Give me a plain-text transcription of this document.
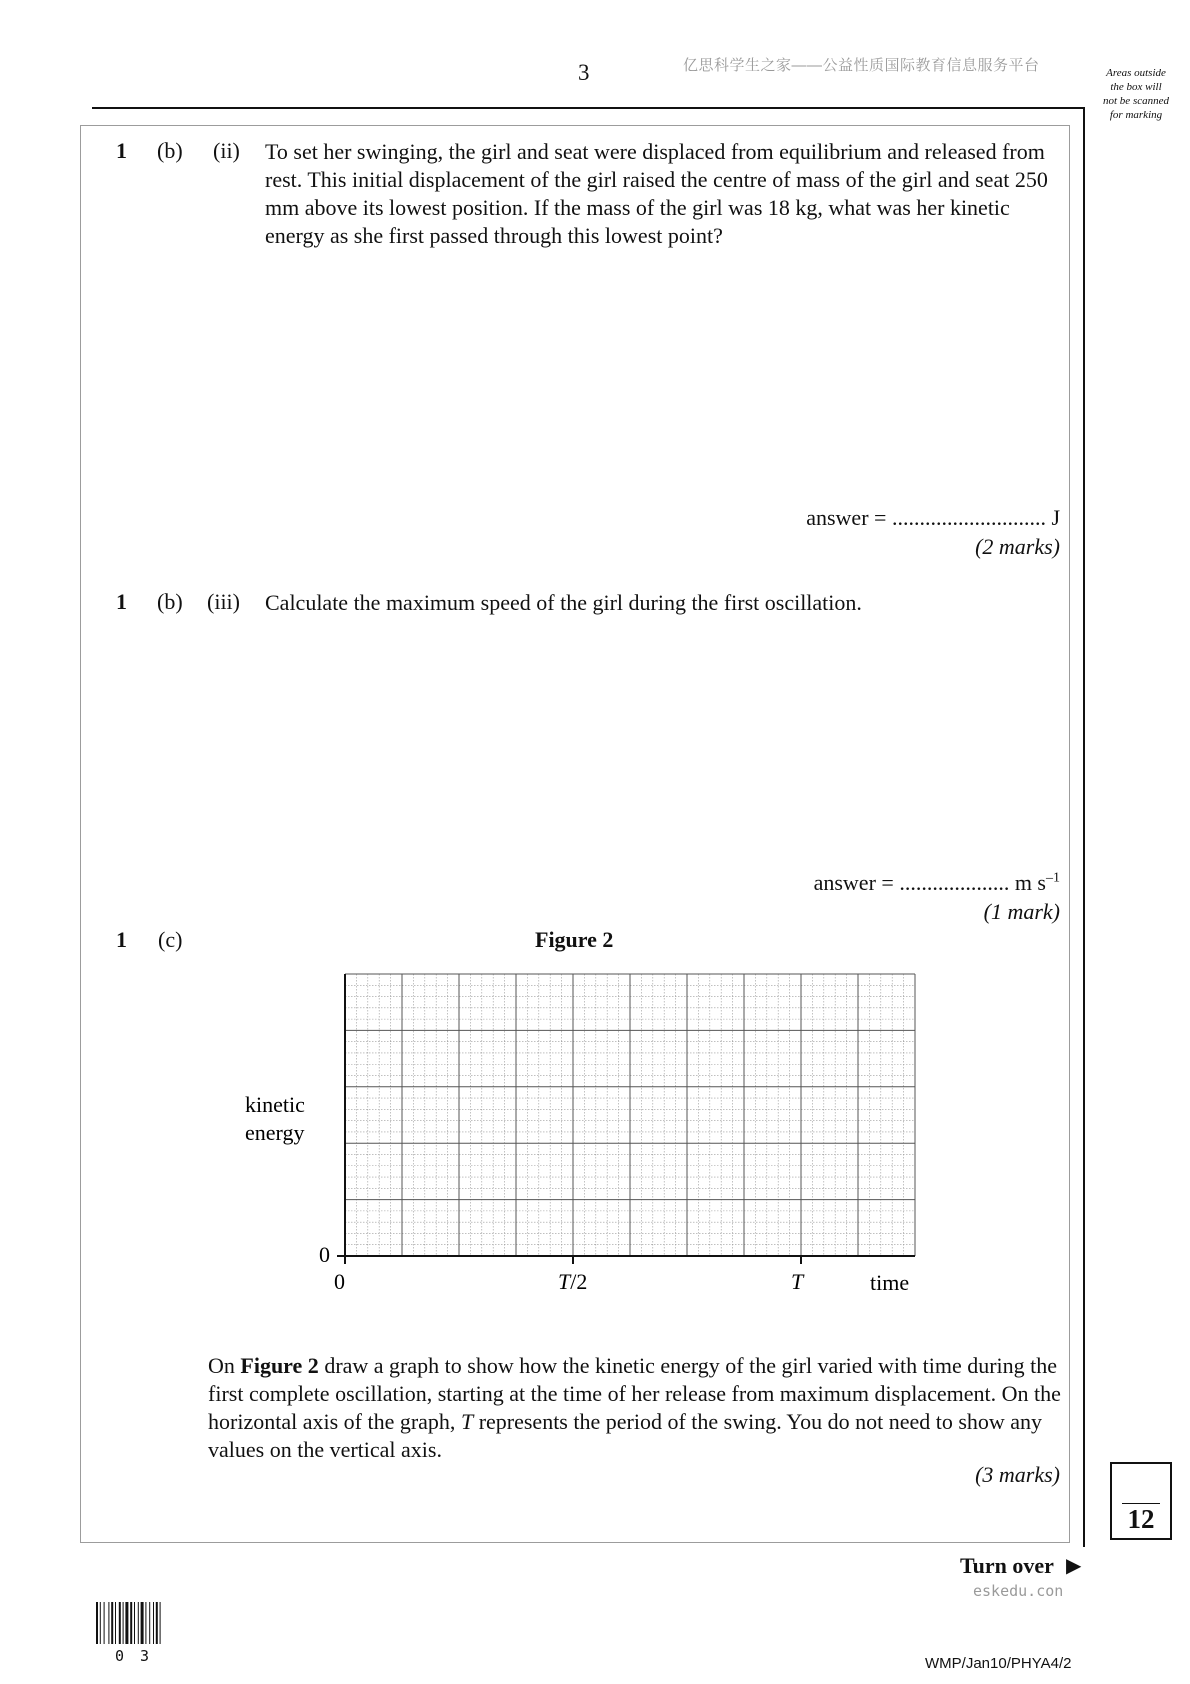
3	亿思科学生之家——公益性质国际教育信息服务平台	Areas outside
the box will
not be scanned
for marking
1 (b) (ii) To set her swinging, the girl and seat were displaced from equilibrium and released from rest. This initial displacement of the girl raised the centre of mass of the girl and seat 250 mm above its lowest position. If the mass of the girl was 18 kg, what was her kinetic energy as she first passed through this lowest point?
answer = ............................ J
(2 marks)
1 (b) (iii) Calculate the maximum speed of the girl during the first oscillation.
answer = .................... m $s^{-1}$
(1 mark)
1 (c)	Figure 2
kinetic
energy
0
0	T/2	T	time
On Figure 2 draw a graph to show how the kinetic energy of the girl varied with time during the first complete oscillation, starting at the time of her release from maximum displacement. On the horizontal axis of the graph, T represents the period of the swing. You do not need to show any values on the vertical axis.
(3 marks)
12
Turn over ▶
eskedu.con
03	WMP/Jan10/PHYA4/2
